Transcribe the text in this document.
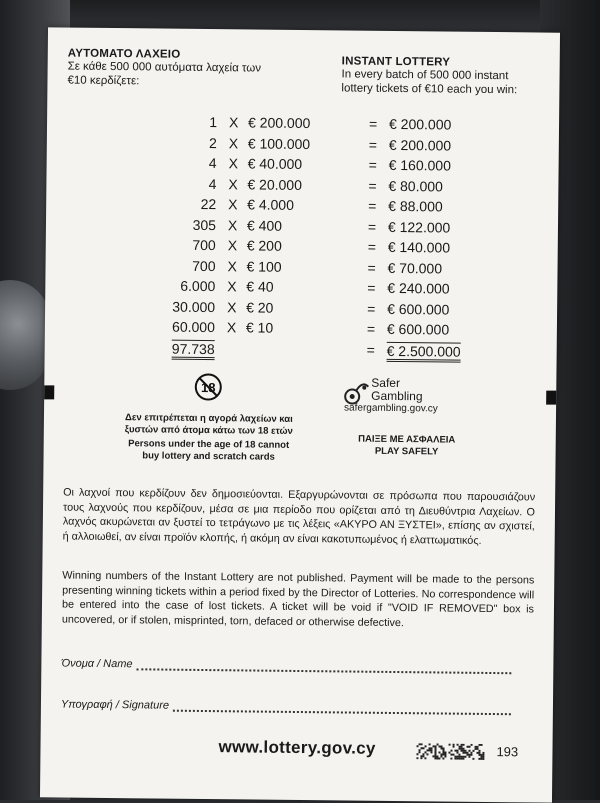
ΑΥΤΟΜΑΤΟ ΛΑΧΕΙΟ
Σε κάθε 500 000 αυτόματα λαχεία των
€10 κερδίζετε:
INSTANT LOTTERY
In every batch of 500 000 instant
lottery tickets of €10 each you win:
1 X € 200.000	= € 200.000
2 X € 100.000	= € 200.000
4 X € 40.000	= € 160.000
4 X € 20.000	= € 80.000
22 X € 4.000	= € 88.000
305 X € 400	= € 122.000
700 X € 200	= € 140.000
700 X € 100	= € 70.000
6.000 X € 40	= € 240.000
30.000 X € 20	= € 600.000
60.000 X € 10	= € 600.000
97.738	= € 2.500.000
18
Δεν επιτρέπεται η αγορά λαχείων και
ξυστών από άτομα κάτω των 18 ετών
Persons under the age of 18 cannot
buy lottery and scratch cards
Safer
Gambling
safergambling.gov.cy
ΠΑΙΞΕ ΜΕ ΑΣΦΑΛΕΙΑ
PLAY SAFELY
Οι λαχνοί που κερδίζουν δεν δημοσιεύονται. Εξαργυρώνονται σε πρόσωπα που παρουσιάζουν τους λαχνούς που κερδίζουν, μέσα σε μια περίοδο που ορίζεται από τη Διευθύντρια Λαχείων. Ο λαχνός ακυρώνεται αν ξυστεί το τετράγωνο με τις λέξεις «ΑΚΥΡΟ ΑΝ ΞΥΣΤΕΙ», επίσης αν σχιστεί, ή αλλοιωθεί, αν είναι προϊόν κλοπής, ή ακόμη αν είναι κακοτυπωμένος ή ελαττωματικός.
Winning numbers of the Instant Lottery are not published. Payment will be made to the persons presenting winning tickets within a period fixed by the Director of Lotteries. No correspondence will be entered into the case of lost tickets. A ticket will be void if "VOID IF REMOVED" box is uncovered, or if stolen, misprinted, torn, defaced or otherwise defective.
Όνομα / Name
Υπογραφή / Signature
www.lottery.gov.cy	193
